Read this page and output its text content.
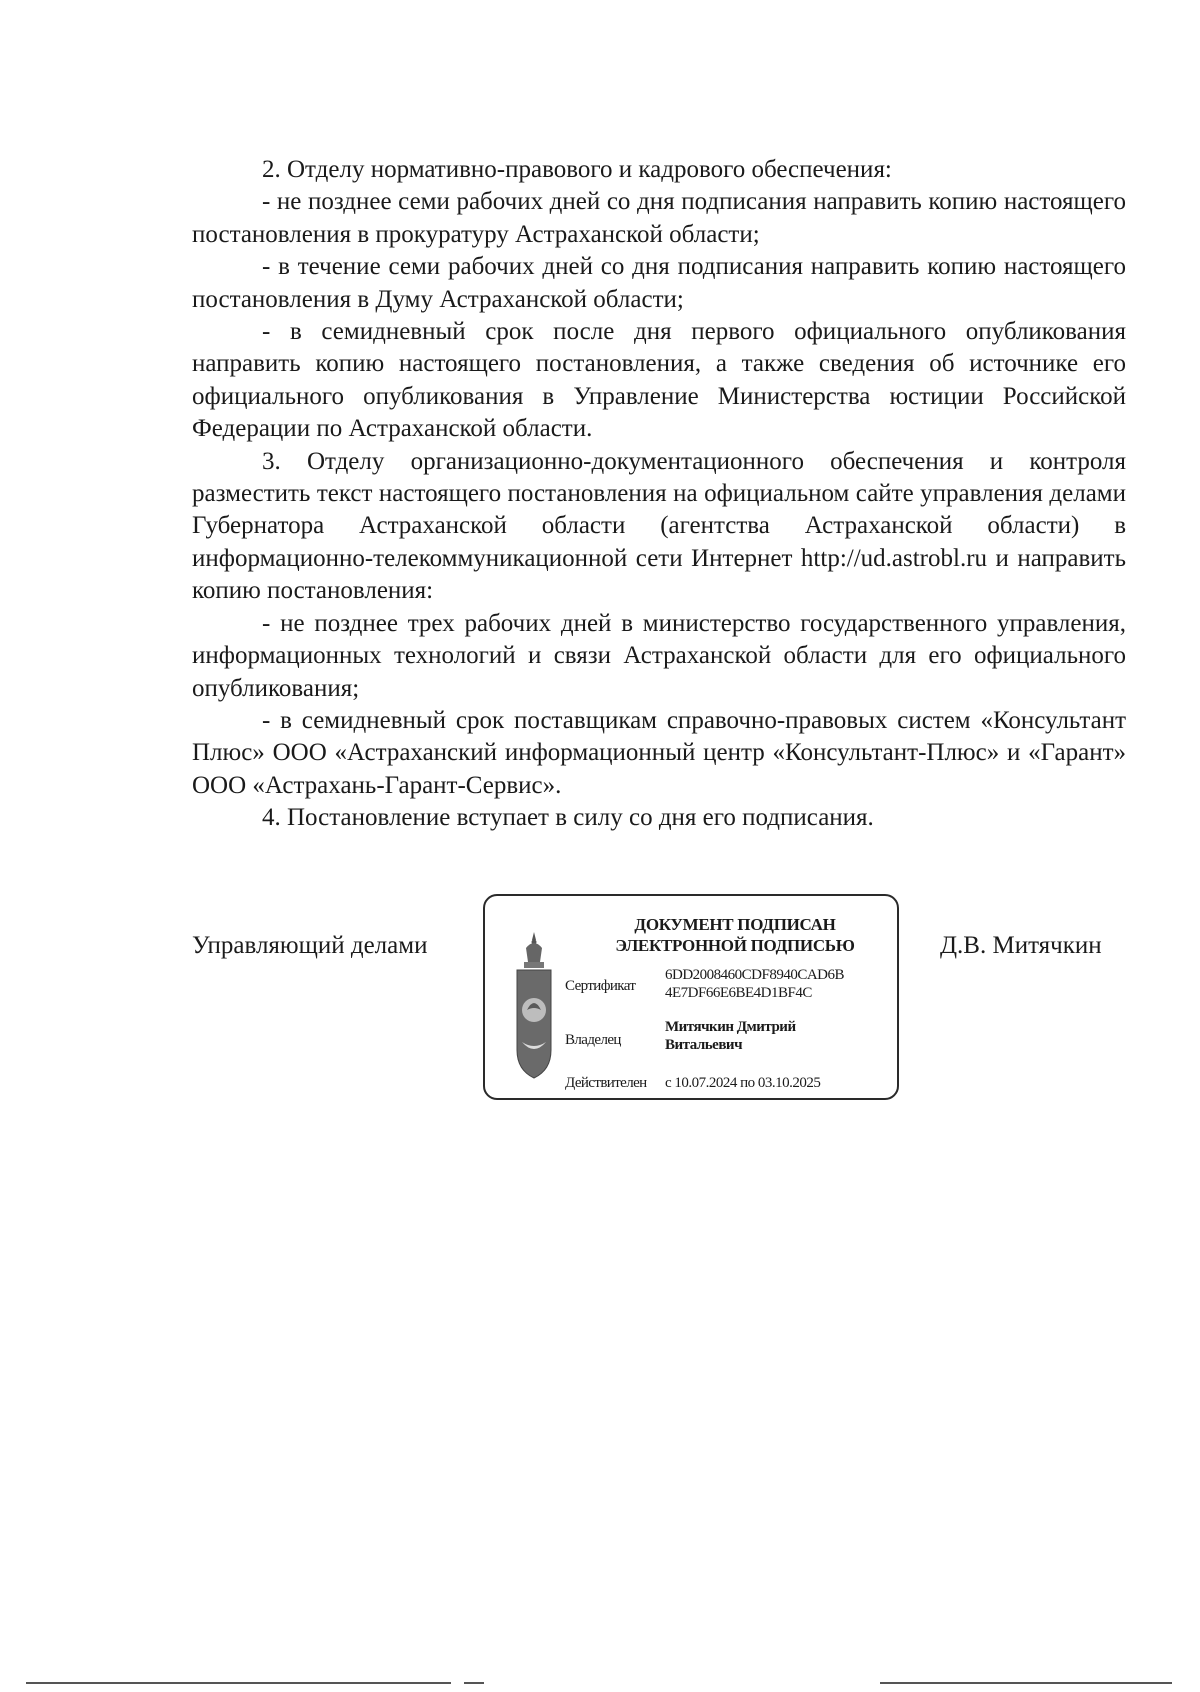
2. Отделу нормативно-правового и кадрового обеспечения:

- не позднее семи рабочих дней со дня подписания направить копию настоящего постановления в прокуратуру Астраханской области;

- в течение семи рабочих дней со дня подписания направить копию настоящего постановления в Думу Астраханской области;

- в семидневный срок после дня первого официального опубликования направить копию настоящего постановления, а также сведения об источнике его официального опубликования в Управление Министерства юстиции Российской Федерации по Астраханской области.

3. Отделу организационно-документационного обеспечения и контроля разместить текст настоящего постановления на официальном сайте управления делами Губернатора Астраханской области (агентства Астраханской области) в информационно-телекоммуникационной сети Интернет http://ud.astrobl.ru и направить копию постановления:

- не позднее трех рабочих дней в министерство государственного управления, информационных технологий и связи Астраханской области для его официального опубликования;

- в семидневный срок поставщикам справочно-правовых систем «Консультант Плюс» ООО «Астраханский информационный центр «Консультант-Плюс» и «Гарант» ООО «Астрахань-Гарант-Сервис».

4. Постановление вступает в силу со дня его подписания.

Управляющий делами
ДОКУМЕНТ ПОДПИСАН
ЭЛЕКТРОННОЙ ПОДПИСЬЮ
Сертификат
6DD2008460CDF8940CAD6B
4E7DF66E6BE4D1BF4C
Владелец
Митячкин Дмитрий
Витальевич
Действителен	с 10.07.2024 по 03.10.2025
Д.В. Митячкин
